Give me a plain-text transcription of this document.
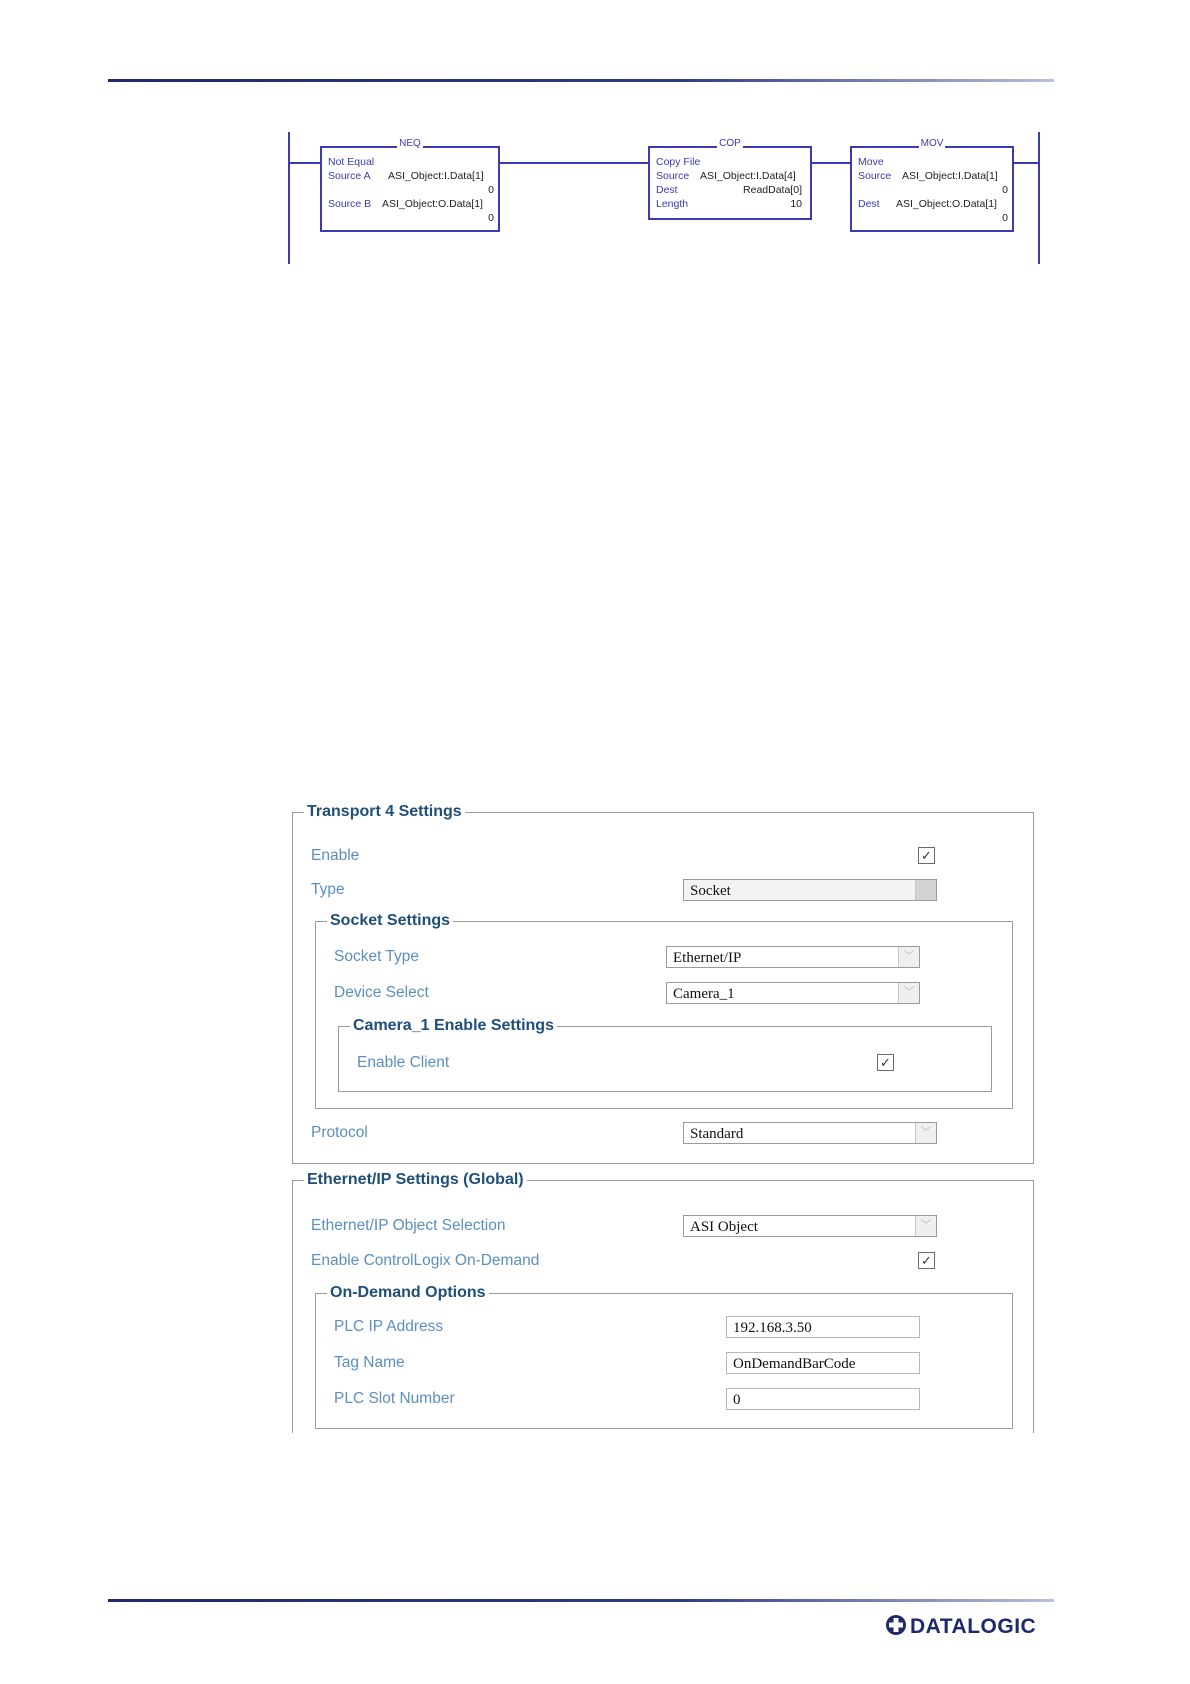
NEQ
Not Equal
Source A ASI_Object:I.Data[1]
0
Source B ASI_Object:O.Data[1]
0
COP
Copy File
Source ASI_Object:I.Data[4]
Dest	ReadData[0]
Length	10
MOV
Move
Source ASI_Object:I.Data[1]
0
Dest ASI_Object:O.Data[1]
0
Transport 4 Settings
Enable	✓
Type	Socket
Socket Settings
Socket Type	Ethernet/IP	﹀
Device Select	Camera_1	﹀
Camera_1 Enable Settings
Enable Client	✓
Protocol	Standard	﹀
Ethernet/IP Settings (Global)
Ethernet/IP Object Selection	ASI Object	﹀
Enable ControlLogix On-Demand	✓
On-Demand Options
PLC IP Address	192.168.3.50
Tag Name	OnDemandBarCode
PLC Slot Number	0
DATALOGIC
